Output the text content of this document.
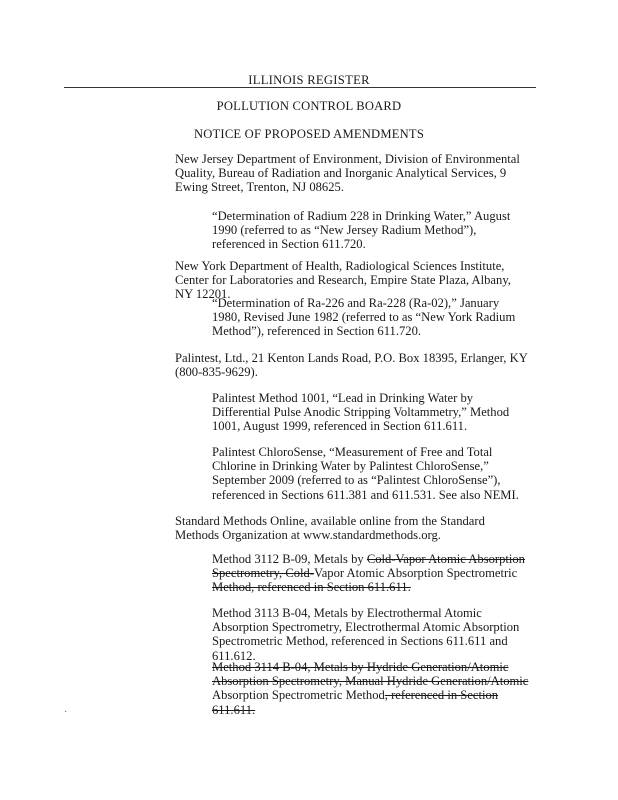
ILLINOIS REGISTER
POLLUTION CONTROL BOARD
NOTICE OF PROPOSED AMENDMENTS

New Jersey Department of Environment, Division of Environmental Quality, Bureau of Radiation and Inorganic Analytical Services, 9 Ewing Street, Trenton, NJ 08625.

“Determination of Radium 228 in Drinking Water,” August 1990 (referred to as “New Jersey Radium Method”), referenced in Section 611.720.

New York Department of Health, Radiological Sciences Institute, Center for Laboratories and Research, Empire State Plaza, Albany, NY 12201.

“Determination of Ra-226 and Ra-228 (Ra-02),” January 1980, Revised June 1982 (referred to as “New York Radium Method”), referenced in Section 611.720.

Palintest, Ltd., 21 Kenton Lands Road, P.O. Box 18395, Erlanger, KY (800-835-9629).

Palintest Method 1001, “Lead in Drinking Water by Differential Pulse Anodic Stripping Voltammetry,” Method 1001, August 1999, referenced in Section 611.611.

Palintest ChloroSense, “Measurement of Free and Total Chlorine in Drinking Water by Palintest ChloroSense,” September 2009 (referred to as “Palintest ChloroSense”), referenced in Sections 611.381 and 611.531. See also NEMI.

Standard Methods Online, available online from the Standard Methods Organization at www.standardmethods.org.

Method 3112 B-09, Metals by Cold-Vapor Atomic Absorption Spectrometry, Cold-Vapor Atomic Absorption Spectrometric Method, referenced in Section 611.611.

Method 3113 B-04, Metals by Electrothermal Atomic Absorption Spectrometry, Electrothermal Atomic Absorption Spectrometric Method, referenced in Sections 611.611 and 611.612.

Method 3114 B-04, Metals by Hydride Generation/Atomic Absorption Spectrometry, Manual Hydride Generation/Atomic Absorption Spectrometric Method, referenced in Section 611.611.

·
